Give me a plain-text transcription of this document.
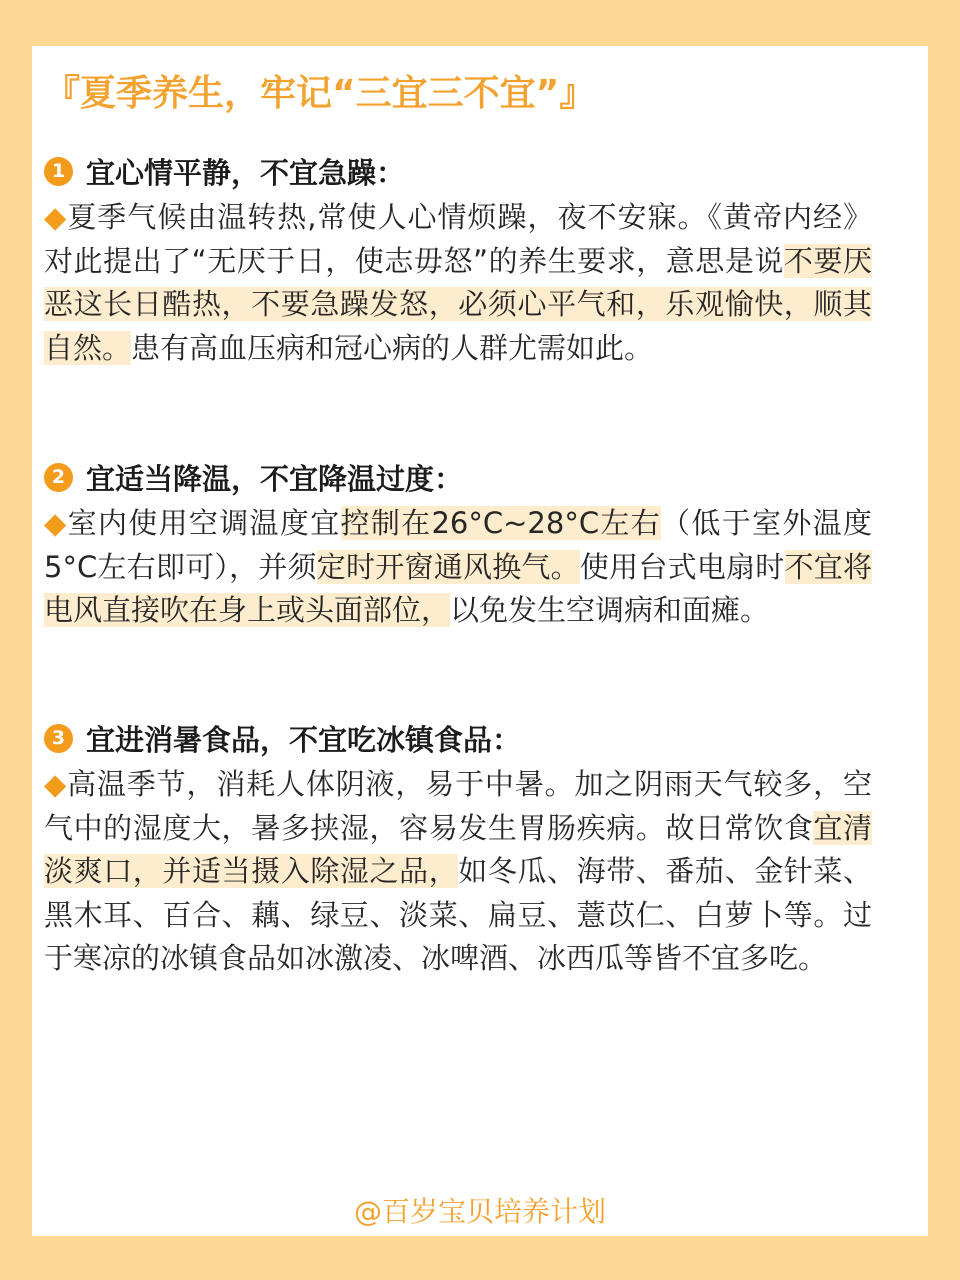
『夏季养生，牢记“三宜三不宜”』
1 宜心情平静，不宜急躁：

◆夏季气候由温转热,常使人心情烦躁，夜不安寐。《黄帝内经》对此提出了“无厌于日，使志毋怒”的养生要求，意思是说不要厌恶这长日酷热，不要急躁发怒，必须心平气和，乐观愉快，顺其自然。患有高血压病和冠心病的人群尤需如此。

2 宜适当降温，不宜降温过度：

◆室内使用空调温度宜控制在26°C~28°C左右（低于室外温度5°C左右即可），并须定时开窗通风换气。使用台式电扇时不宜将电风直接吹在身上或头面部位，以免发生空调病和面瘫。

3 宜进消暑食品，不宜吃冰镇食品：

◆高温季节，消耗人体阴液，易于中暑。加之阴雨天气较多，空气中的湿度大，暑多挟湿，容易发生胃肠疾病。故日常饮食宜清淡爽口，并适当摄入除湿之品，如冬瓜、海带、番茄、金针菜、黑木耳、百合、藕、绿豆、淡菜、扁豆、薏苡仁、白萝卜等。过于寒凉的冰镇食品如冰激凌、冰啤酒、冰西瓜等皆不宜多吃。

@百岁宝贝培养计划
